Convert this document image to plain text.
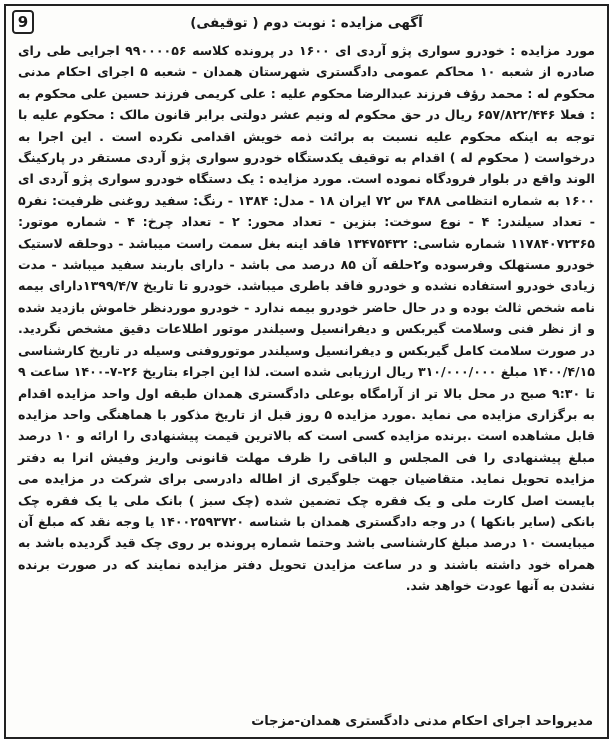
9	آگهی مزایده : نوبت دوم ( توقیفی)
مورد مزایده : خودرو سواری پژو آردی ای ۱۶۰۰ در پرونده کلاسه ۹۹۰۰۰۰۵۶ اجرایی طی رای صادره از شعبه ۱۰ محاکم عمومی دادگستری شهرستان همدان - شعبه ۵ اجرای احکام مدنی محکوم له : محمد رؤف فرزند عبدالرضا محکوم علیه : علی کریمی فرزند حسین علی محکوم به : فعلا ۶۵۷/۸۲۲/۴۴۶ ریال در حق محکوم له ونیم عشر دولتی برابر قانون مالک : محکوم علیه با توجه به اینکه محکوم علیه نسبت به برائت ذمه خویش اقدامی نکرده است . این اجرا به درخواست ( محکوم له ) اقدام به توقیف یکدستگاه خودرو سواری پژو آردی مستقر در پارکینگ الوند واقع در بلوار فرودگاه نموده است. مورد مزایده : یک دستگاه خودرو سواری پژو آردی ای ۱۶۰۰ به شماره انتظامی ۴۸۸ س ۷۲ ایران ۱۸ - مدل: ۱۳۸۴ - رنگ: سفید روغنی ظرفیت: نفر۵ - تعداد سیلندر: ۴ - نوع سوخت: بنزین - تعداد محور: ۲ - تعداد چرخ: ۴ - شماره موتور: ۱۱۷۸۴۰۷۲۳۶۵ شماره شاسی: ۱۳۴۷۵۴۳۲ فاقد اینه بغل سمت راست میباشد - دوحلقه لاستیک خودرو مستهلک وفرسوده و۲حلقه آن ۸۵ درصد می باشد - دارای باربند سفید میباشد - مدت زیادی خودرو استفاده نشده و خودرو فاقد باطری میباشد. خودرو تا تاریخ ۱۳۹۹/۴/۷دارای بیمه نامه شخص ثالث بوده و در حال حاضر خودرو بیمه ندارد - خودرو موردنظر خاموش بازدید شده و از نظر فنی وسلامت گیربکس و دیفرانسیل وسیلندر موتور اطلاعات دقیق مشخص نگردید. در صورت سلامت کامل گیربکس و دیفرانسیل وسیلندر موتوروفنی وسیله در تاریخ کارشناسی ۱۴۰۰/۴/۱۵ مبلغ ۳۱۰/۰۰۰/۰۰۰ ریال ارزیابی شده است. لذا این اجراء بتاریخ ۲۶-۷-۱۴۰۰ ساعت ۹ تا ۹:۳۰ صبح در محل بالا تر از آرامگاه بوعلی دادگستری همدان طبقه اول واحد مزایده اقدام به برگزاری مزایده می نماید .مورد مزایده ۵ روز قبل از تاریخ مذکور با هماهنگی واحد مزایده قابل مشاهده است .برنده مزایده کسی است که بالاترین قیمت پیشنهادی را ارائه و ۱۰ درصد مبلغ پیشنهادی را فی المجلس و الباقی را ظرف مهلت قانونی واریز وفیش انرا به دفتر مزایده تحویل نماید. متقاضیان جهت جلوگیری از اطاله دادرسی برای شرکت در مزایده می بایست اصل کارت ملی و یک فقره چک تضمین شده (چک سبز ) بانک ملی یا یک فقره چک بانکی (سایر بانکها ) در وجه دادگستری همدان با شناسه ۱۴۰۰۲۵۹۳۷۲۰ یا وجه نقد که مبلغ آن میبایست ۱۰ درصد مبلغ کارشناسی باشد وحتما شماره پرونده بر روی چک قید گردیده باشد به همراه خود داشته باشند و در ساعت مزایدن تحویل دفتر مزایده نمایند که در صورت برنده نشدن به آنها عودت خواهد شد.
مدیرواحد اجرای احکام مدنی دادگستری همدان-مزجات
